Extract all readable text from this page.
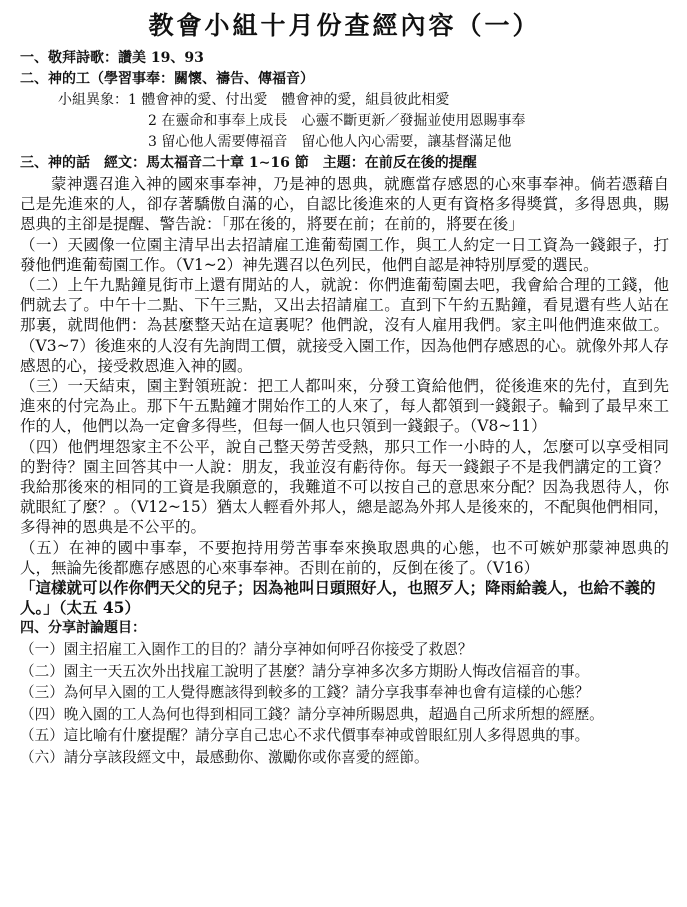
教會小組十月份查經內容（一）
一、敬拜詩歌：讚美 19、93
二、神的工（學習事奉：關懷、禱告、傳福音）
小組異象：1 體會神的愛、付出愛　體會神的愛，組員彼此相愛
2 在靈命和事奉上成長　心靈不斷更新／發掘並使用恩賜事奉
3 留心他人需要傳福音　留心他人內心需要，讓基督滿足他
三、神的話　經文：馬太福音二十章 1∼16 節　主題：在前反在後的提醒

蒙神選召進入神的國來事奉神，乃是神的恩典，就應當存感恩的心來事奉神。倘若憑藉自己是先進來的人，卻存著驕傲自滿的心，自認比後進來的人更有資格多得獎賞，多得恩典，賜恩典的主卻是提醒、警告說：「那在後的，將要在前；在前的，將要在後」

（一）天國像一位園主清早出去招請雇工進葡萄園工作，與工人約定一日工資為一錢銀子，打發他們進葡萄園工作。（V1~2）神先選召以色列民，他們自認是神特別厚愛的選民。

（二）上午九點鐘見街市上還有閒站的人，就說：你們進葡萄園去吧，我會給合理的工錢，他們就去了。中午十二點、下午三點，又出去招請雇工。直到下午約五點鐘，看見還有些人站在那裏，就問他們：為甚麼整天站在這裏呢？他們說，沒有人雇用我們。家主叫他們進來做工。（V3~7）後進來的人沒有先詢問工價，就接受入園工作，因為他們存感恩的心。就像外邦人存感恩的心，接受救恩進入神的國。

（三）一天結束，園主對領班說：把工人都叫來，分發工資給他們，從後進來的先付，直到先進來的付完為止。那下午五點鐘才開始作工的人來了，每人都領到一錢銀子。輪到了最早來工作的人，他們以為一定會多得些，但每一個人也只領到一錢銀子。（V8~11）

（四）他們埋怨家主不公平，說自己整天勞苦受熱，那只工作一小時的人，怎麼可以享受相同的對待？園主回答其中一人說：朋友，我並沒有虧待你。每天一錢銀子不是我們講定的工資？我給那後來的相同的工資是我願意的，我難道不可以按自己的意思來分配？因為我恩待人，你就眼紅了麼？。（V12~15）猶太人輕看外邦人，總是認為外邦人是後來的，不配與他們相同，多得神的恩典是不公平的。

（五）在神的國中事奉，不要抱持用勞苦事奉來換取恩典的心態，也不可嫉妒那蒙神恩典的人，無論先後都應存感恩的心來事奉神。否則在前的，反倒在後了。（V16）

「這樣就可以作你們天父的兒子；因為祂叫日頭照好人，也照歹人；降雨給義人，也給不義的人。」（太五 45）

四、分享討論題目：
（一）園主招雇工入園作工的目的？請分享神如何呼召你接受了救恩？
（二）園主一天五次外出找雇工說明了甚麼？請分享神多次多方期盼人悔改信福音的事。
（三）為何早入園的工人覺得應該得到較多的工錢？請分享我事奉神也會有這樣的心態？
（四）晚入園的工人為何也得到相同工錢？請分享神所賜恩典，超過自己所求所想的經歷。
（五）這比喻有什麼提醒？請分享自己忠心不求代價事奉神或曾眼紅別人多得恩典的事。
（六）請分享該段經文中，最感動你、激勵你或你喜愛的經節。
